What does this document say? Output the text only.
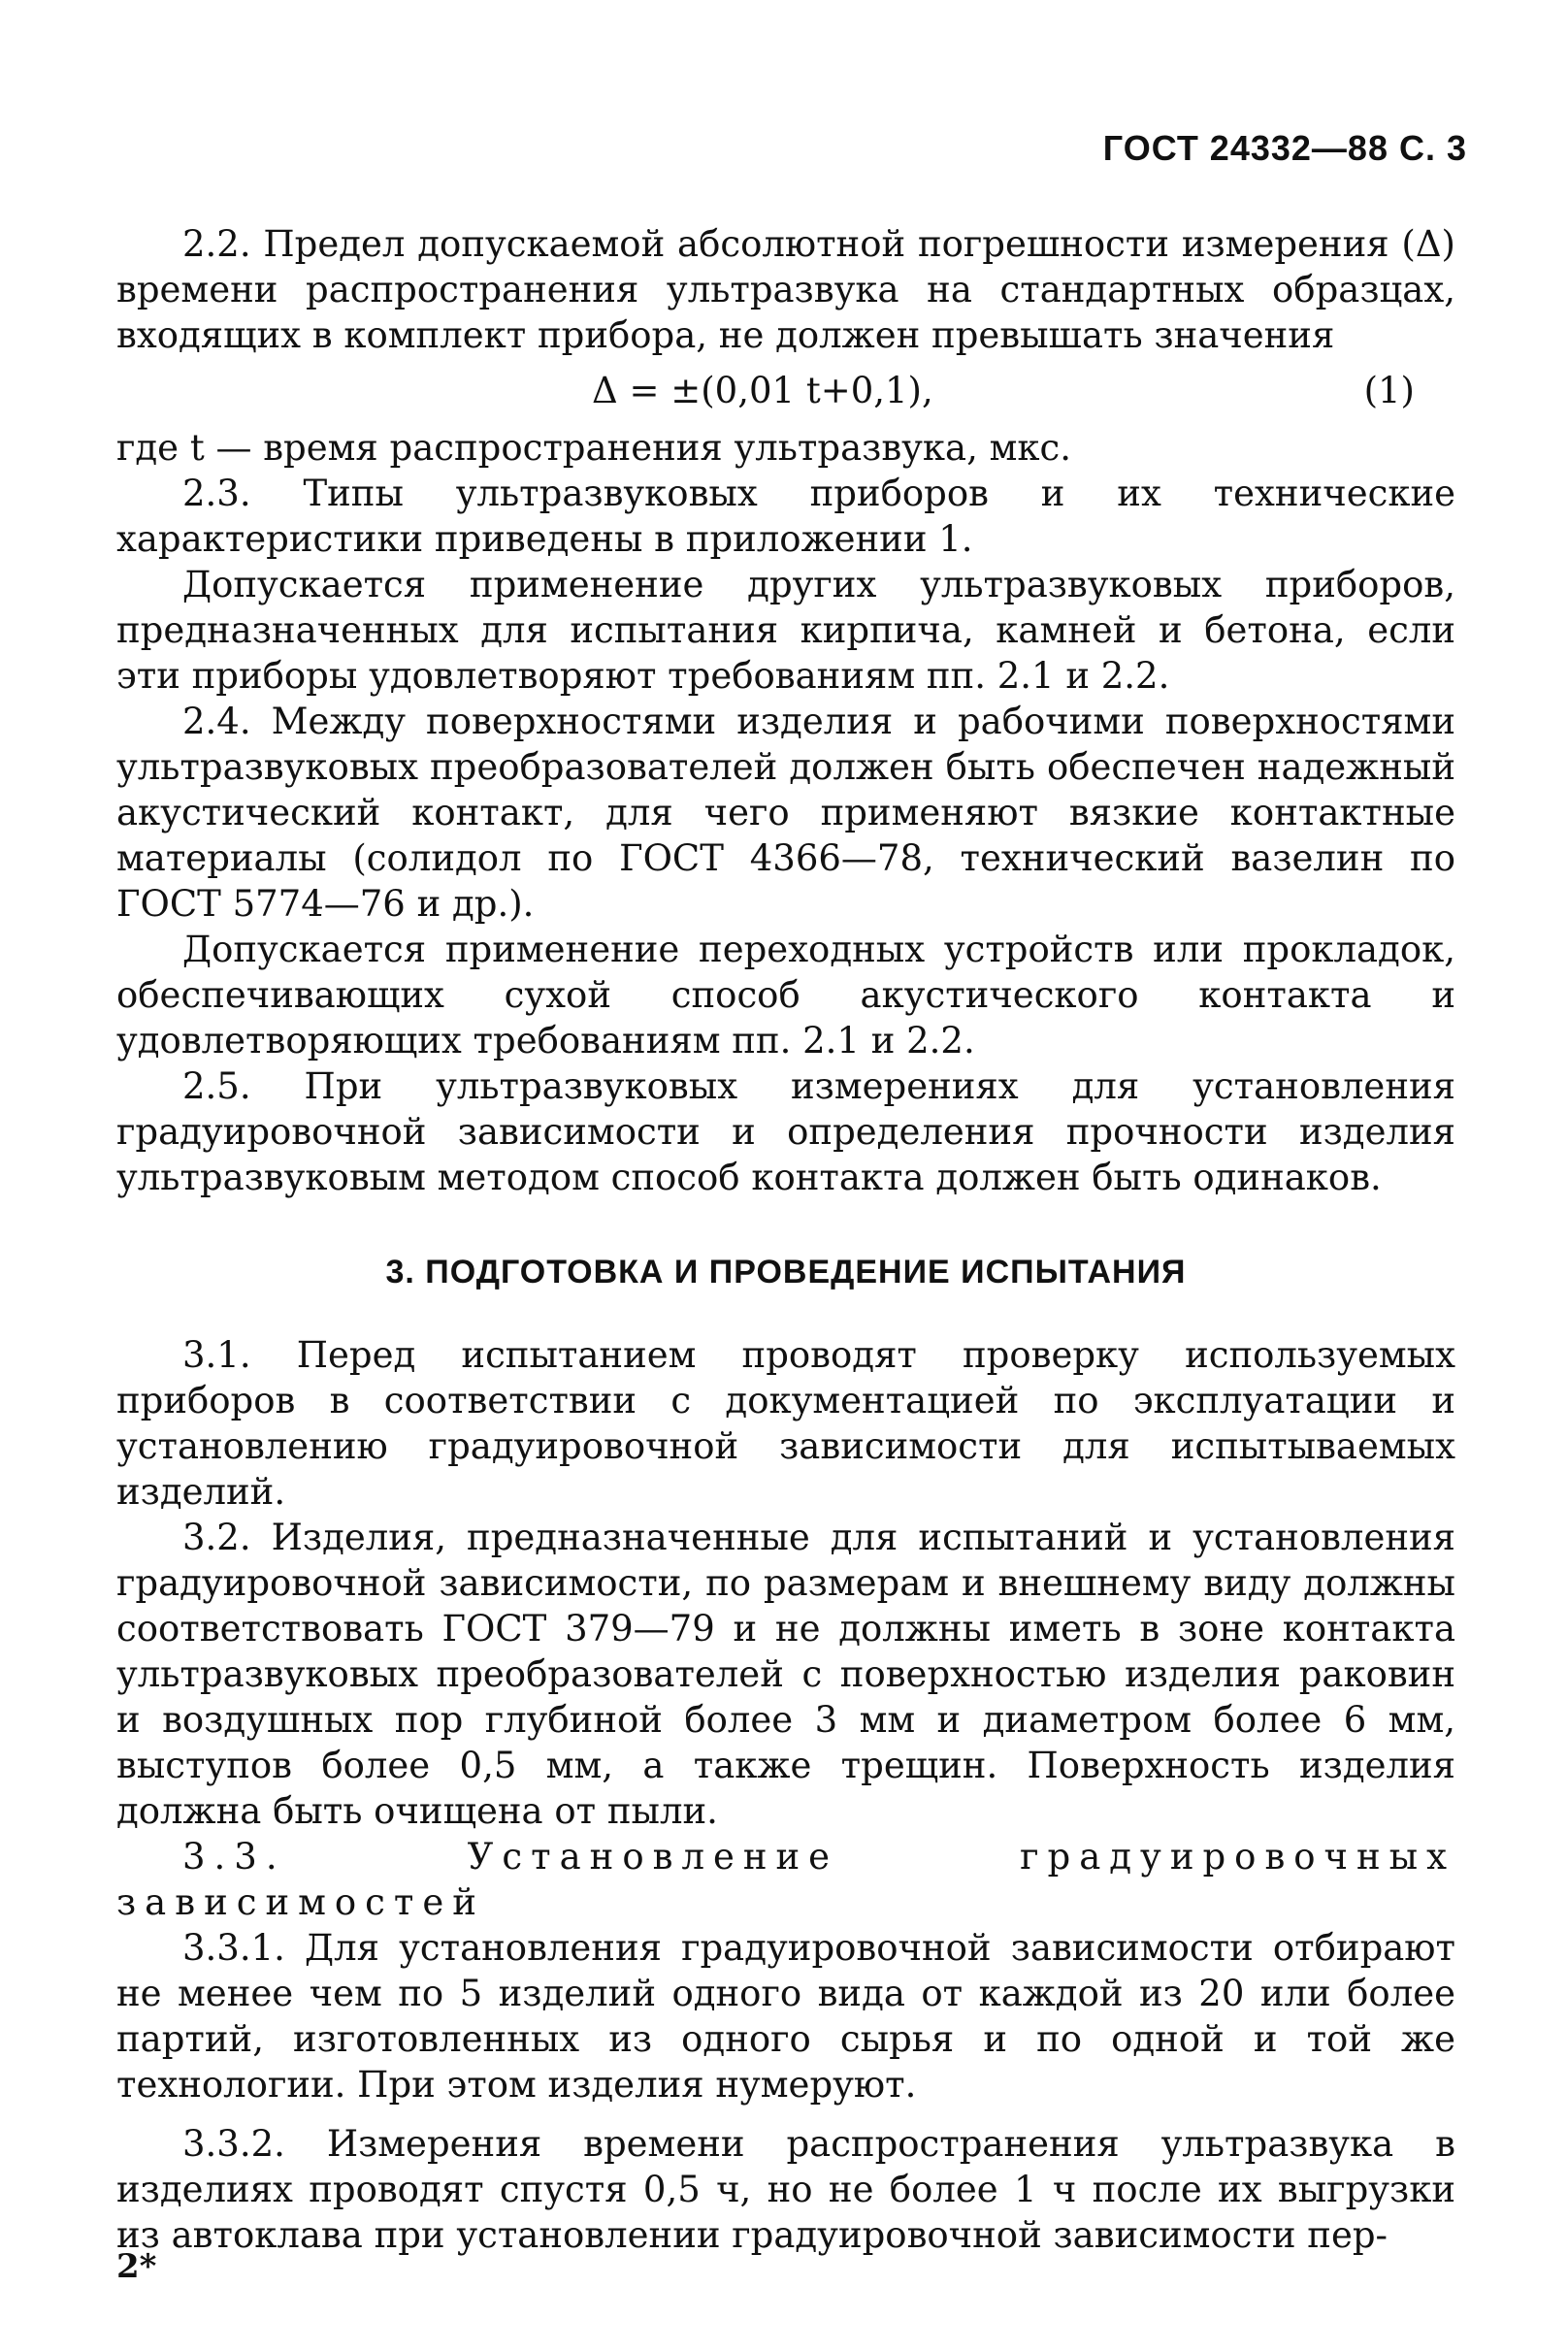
ГОСТ 24332—88 С. 3

2.2. Предел допускаемой абсолютной погрешности измерения (Δ) времени распространения ультразвука на стандартных образцах, входящих в комплект прибора, не должен превышать значения

Δ = ±(0,01 t+0,1),	(1)

где t — время распространения ультразвука, мкс.

2.3. Типы ультразвуковых приборов и их технические характеристики приведены в приложении 1.

Допускается применение других ультразвуковых приборов, предназначенных для испытания кирпича, камней и бетона, если эти приборы удовлетворяют требованиям пп. 2.1 и 2.2.

2.4. Между поверхностями изделия и рабочими поверхностями ультразвуковых преобразователей должен быть обеспечен надежный акустический контакт, для чего применяют вязкие контактные материалы (солидол по ГОСТ 4366—78, технический вазелин по ГОСТ 5774—76 и др.).

Допускается применение переходных устройств или прокладок, обеспечивающих сухой способ акустического контакта и удовлетворяющих требованиям пп. 2.1 и 2.2.

2.5. При ультразвуковых измерениях для установления градуировочной зависимости и определения прочности изделия ультразвуковым методом способ контакта должен быть одинаков.

3. ПОДГОТОВКА И ПРОВЕДЕНИЕ ИСПЫТАНИЯ

3.1. Перед испытанием проводят проверку используемых приборов в соответствии с документацией по эксплуатации и установлению градуировочной зависимости для испытываемых изделий.

3.2. Изделия, предназначенные для испытаний и установления градуировочной зависимости, по размерам и внешнему виду должны соответствовать ГОСТ 379—79 и не должны иметь в зоне контакта ультразвуковых преобразователей с поверхностью изделия раковин и воздушных пор глубиной более 3 мм и диаметром более 6 мм, выступов более 0,5 мм, а также трещин. Поверхность изделия должна быть очищена от пыли.

3.3. Установление градуировочных зависимостей

3.3.1. Для установления градуировочной зависимости отбирают не менее чем по 5 изделий одного вида от каждой из 20 или более партий, изготовленных из одного сырья и по одной и той же технологии. При этом изделия нумеруют.

3.3.2. Измерения времени распространения ультразвука в изделиях проводят спустя 0,5 ч, но не более 1 ч после их выгрузки из автоклава при установлении градуировочной зависимости пер-

2*
